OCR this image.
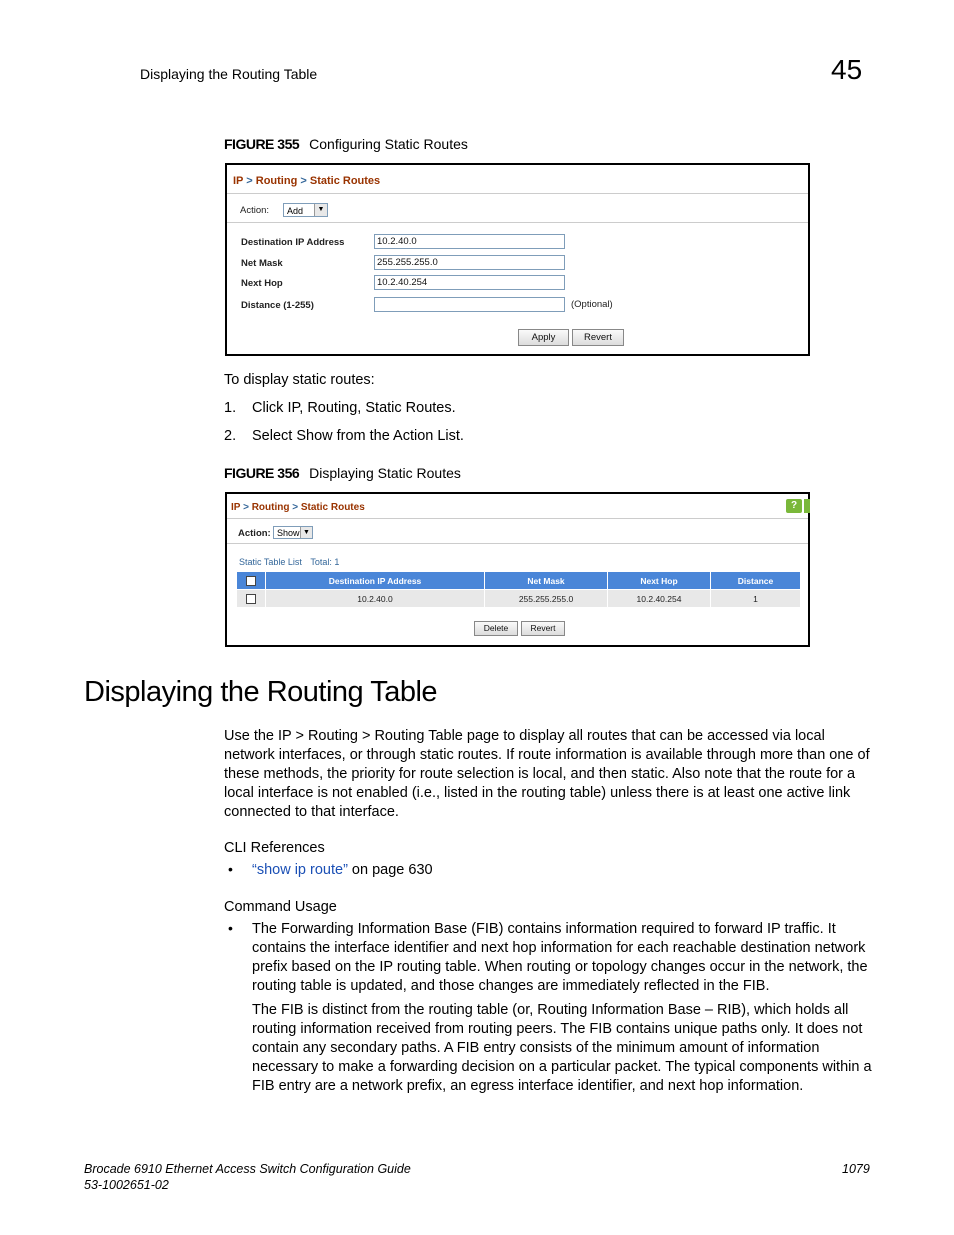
Displaying the Routing Table	45
FIGURE 355 Configuring Static Routes
IP > Routing > Static Routes
Action:	Add	▼
Destination IP Address	10.2.40.0
Net Mask	255.255.255.0
Next Hop	10.2.40.254
Distance (1-255)	(Optional)
Apply	Revert
To display static routes:
1. Click IP, Routing, Static Routes.
2. Select Show from the Action List.
FIGURE 356 Displaying Static Routes
IP > Routing > Static Routes	?
Action: Show ▼
Static Table List Total: 1
	Destination IP Address	Net Mask	Next Hop	Distance
	10.2.40.0	255.255.255.0	10.2.40.254	1
Delete	Revert
Displaying the Routing Table
Use the IP > Routing > Routing Table page to display all routes that can be accessed via local network interfaces, or through static routes. If route information is available through more than one of these methods, the priority for route selection is local, and then static. Also note that the route for a local interface is not enabled (i.e., listed in the routing table) unless there is at least one active link connected to that interface.
CLI References
• “show ip route” on page 630
Command Usage
• The Forwarding Information Base (FIB) contains information required to forward IP traffic. It contains the interface identifier and next hop information for each reachable destination network prefix based on the IP routing table. When routing or topology changes occur in the network, the routing table is updated, and those changes are immediately reflected in the FIB.
The FIB is distinct from the routing table (or, Routing Information Base – RIB), which holds all routing information received from routing peers. The FIB contains unique paths only. It does not contain any secondary paths. A FIB entry consists of the minimum amount of information necessary to make a forwarding decision on a particular packet. The typical components within a FIB entry are a network prefix, an egress interface identifier, and next hop information.
Brocade 6910 Ethernet Access Switch Configuration Guide
53-1002651-02
1079
